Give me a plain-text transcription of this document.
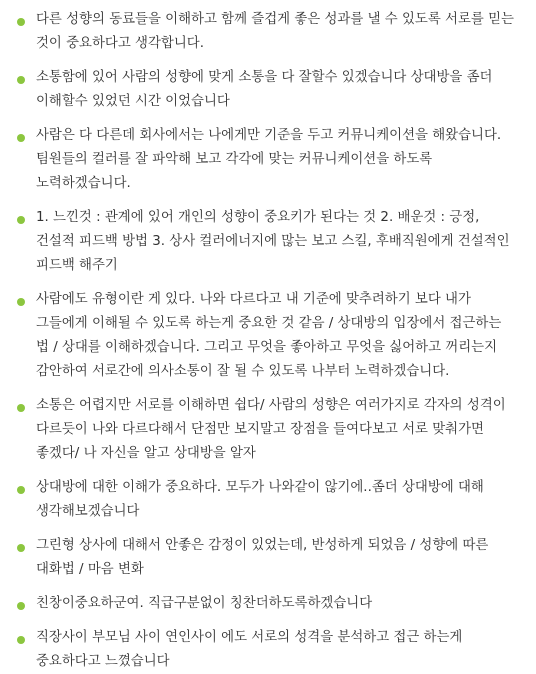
다른 성향의 동료들을 이해하고 함께 즐겁게 좋은 성과를 낼 수 있도록 서로를 믿는 것이 중요하다고 생각합니다.
소통함에 있어 사람의 성향에 맞게 소통을 다 잘할수 있겠습니다 상대방을 좀더 이해할수 있었던 시간 이었습니다
사람은 다 다른데 회사에서는 나에게만 기준을 두고 커뮤니케이션을 해왔습니다. 팀원들의 컬러를 잘 파악해 보고 각각에 맞는 커뮤니케이션을 하도록 노력하겠습니다.
1. 느낀것 : 관계에 있어 개인의 성향이 중요키가 된다는 것 2. 배운것 : 긍정, 건설적 피드백 방법 3. 상사 컬러에너지에 많는 보고 스킬, 후배직원에게 건설적인 피드백 해주기
사람에도 유형이란 게 있다. 나와 다르다고 내 기준에 맞추려하기 보다 내가 그들에게 이해될 수 있도록 하는게 중요한 것 같음 / 상대방의 입장에서 접근하는 법 / 상대를 이해하겠습니다. 그리고 무엇을 좋아하고 무엇을 싫어하고 꺼리는지 감안하여 서로간에 의사소통이 잘 될 수 있도록 나부터 노력하겠습니다.
소통은 어렵지만 서로를 이해하면 쉽다/ 사람의 성향은 여러가지로 각자의 성격이 다르듯이 나와 다르다해서 단점만 보지말고 장점을 들여다보고 서로 맞춰가면 좋겠다/ 나 자신을 알고 상대방을 알자
상대방에 대한 이해가 중요하다. 모두가 나와같이 않기에..좀더 상대방에 대해 생각해보겠습니다
그린형 상사에 대해서 안좋은 감정이 있었는데, 반성하게 되었음 / 성향에 따른 대화법 / 마음 변화
친창이중요하군여. 직급구분없이 칭찬더하도록하겠습니다
직장사이 부모님 사이 연인사이 에도 서로의 성격을 분석하고 접근 하는게 중요하다고 느꼈습니다
